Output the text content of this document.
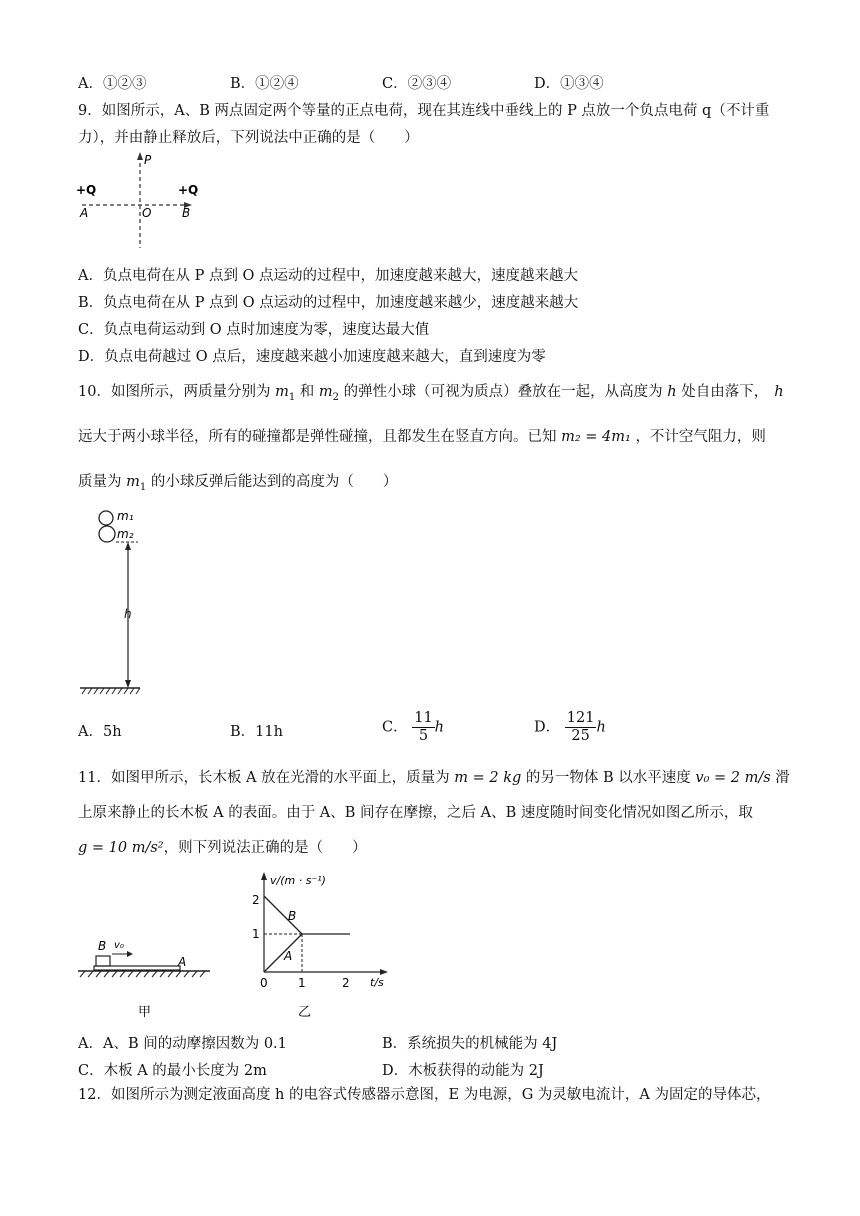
A．①②③	B．①②④	C．②③④	D．①③④
9．如图所示，A、B 两点固定两个等量的正点电荷，现在其连线中垂线上的 P 点放一个负点电荷 q（不计重
力），并由静止释放后，下列说法中正确的是（　　）
P
+Q	+Q
A	O	B
A．负点电荷在从 P 点到 O 点运动的过程中，加速度越来越大，速度越来越大
B．负点电荷在从 P 点到 O 点运动的过程中，加速度越来越少，速度越来越大
C．负点电荷运动到 O 点时加速度为零，速度达最大值
D．负点电荷越过 O 点后，速度越来越小加速度越来越大，直到速度为零
10．如图所示，两质量分别为 $m_1$ 和 $m_2$ 的弹性小球（可视为质点）叠放在一起，从高度为 h 处自由落下， h
远大于两小球半径，所有的碰撞都是弹性碰撞，且都发生在竖直方向。已知 m₂ = 4m₁ ，不计空气阻力，则
质量为 $m_1$ 的小球反弹后能达到的高度为（　　）
m₁
m₂
h
A．5h	B．11h	C． $\frac{11}{5}$ h	D． $\frac{121}{25}$ h
11．如图甲所示，长木板 A 放在光滑的水平面上，质量为 m = 2 kg 的另一物体 B 以水平速度 v₀ = 2 m/s 滑
上原来静止的长木板 A 的表面。由于 A、B 间存在摩擦，之后 A、B 速度随时间变化情况如图乙所示，取
g = 10 m/s²，则下列说法正确的是（　　）
B v₀
A
甲
v/(m · s⁻¹)
t/s
2
1
0	1	2
B
A
乙
A．A、B 间的动摩擦因数为 0.1	B．系统损失的机械能为 4J
C．木板 A 的最小长度为 2m	D．木板获得的动能为 2J
12．如图所示为测定液面高度 h 的电容式传感器示意图，E 为电源，G 为灵敏电流计，A 为固定的导体芯，
